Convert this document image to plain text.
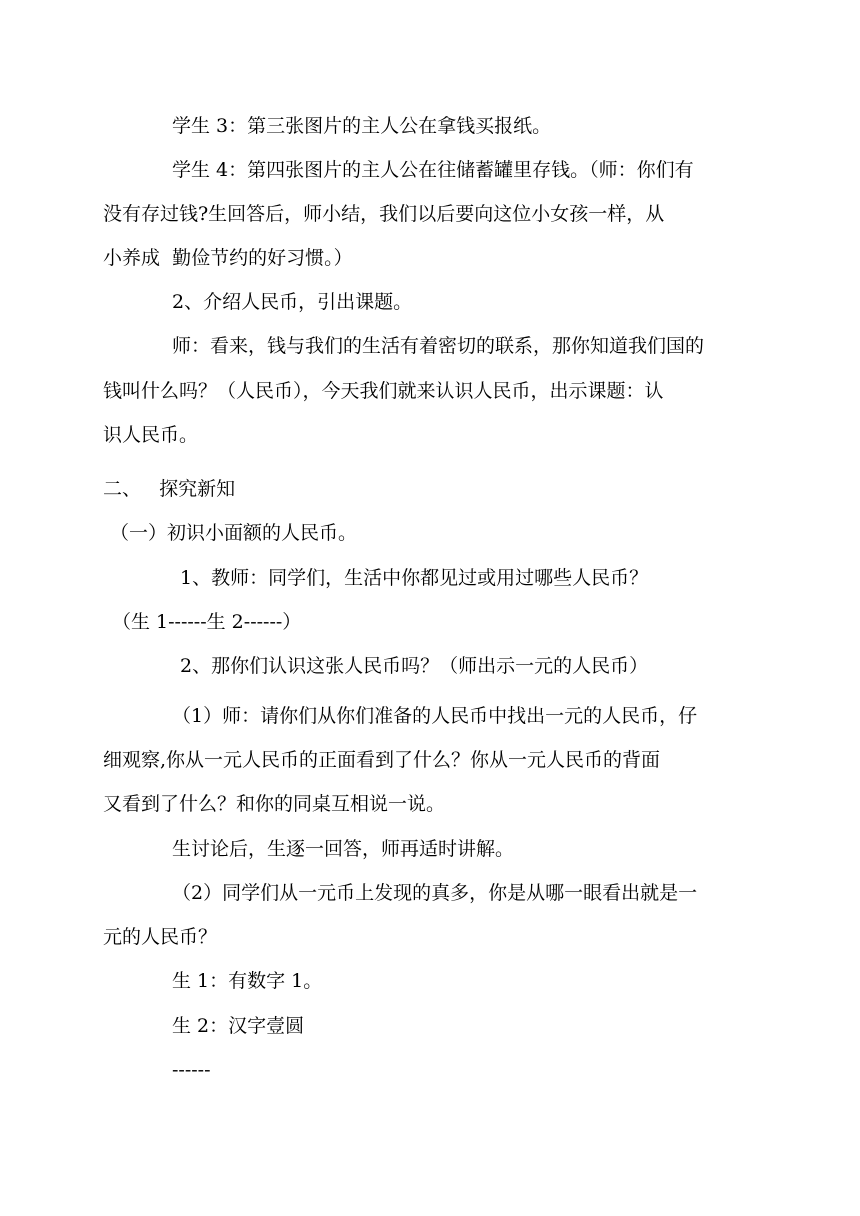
学生 3：第三张图片的主人公在拿钱买报纸。
学生 4：第四张图片的主人公在往储蓄罐里存钱。（师：你们有
没有存过钱?生回答后，师小结，我们以后要向这位小女孩一样，从
小养成  勤俭节约的好习惯。）
2、介绍人民币，引出课题。
师：看来，钱与我们的生活有着密切的联系，那你知道我们国的
钱叫什么吗？（人民币），今天我们就来认识人民币，出示课题：认
识人民币。
二、   探究新知
（一）初识小面额的人民币。
1、教师：同学们，生活中你都见过或用过哪些人民币？
（生 1------生 2------）
2、那你们认识这张人民币吗？（师出示一元的人民币）
（1）师：请你们从你们准备的人民币中找出一元的人民币，仔
细观察,你从一元人民币的正面看到了什么？你从一元人民币的背面
又看到了什么？和你的同桌互相说一说。
生讨论后，生逐一回答，师再适时讲解。
（2）同学们从一元币上发现的真多，你是从哪一眼看出就是一
元的人民币？
生 1：有数字 1。
生 2：汉字壹圆
------
